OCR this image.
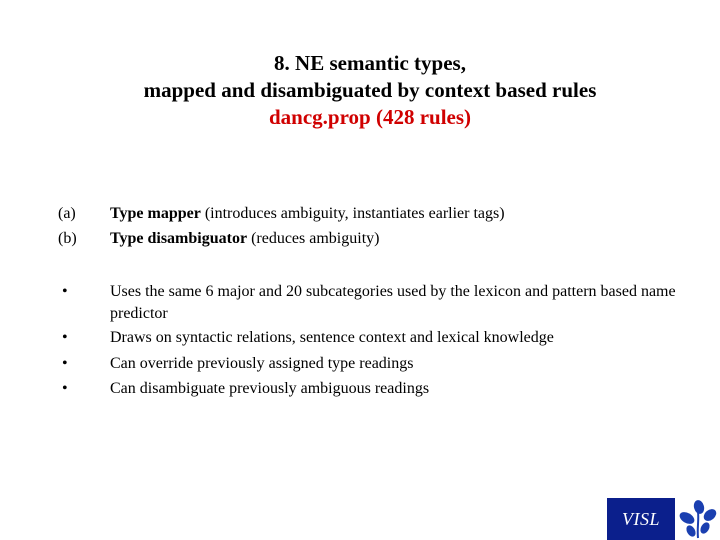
8. NE semantic types,
mapped and disambiguated by context based rules
dancg.prop (428 rules)
(a)	Type mapper (introduces ambiguity, instantiates earlier tags)
(b)	Type disambiguator (reduces ambiguity)
•	Uses the same 6 major and 20 subcategories used by the lexicon and pattern based name predictor
•	Draws on syntactic relations, sentence context and lexical knowledge
•	Can override previously assigned type readings
•	Can disambiguate previously ambiguous readings
VISL
